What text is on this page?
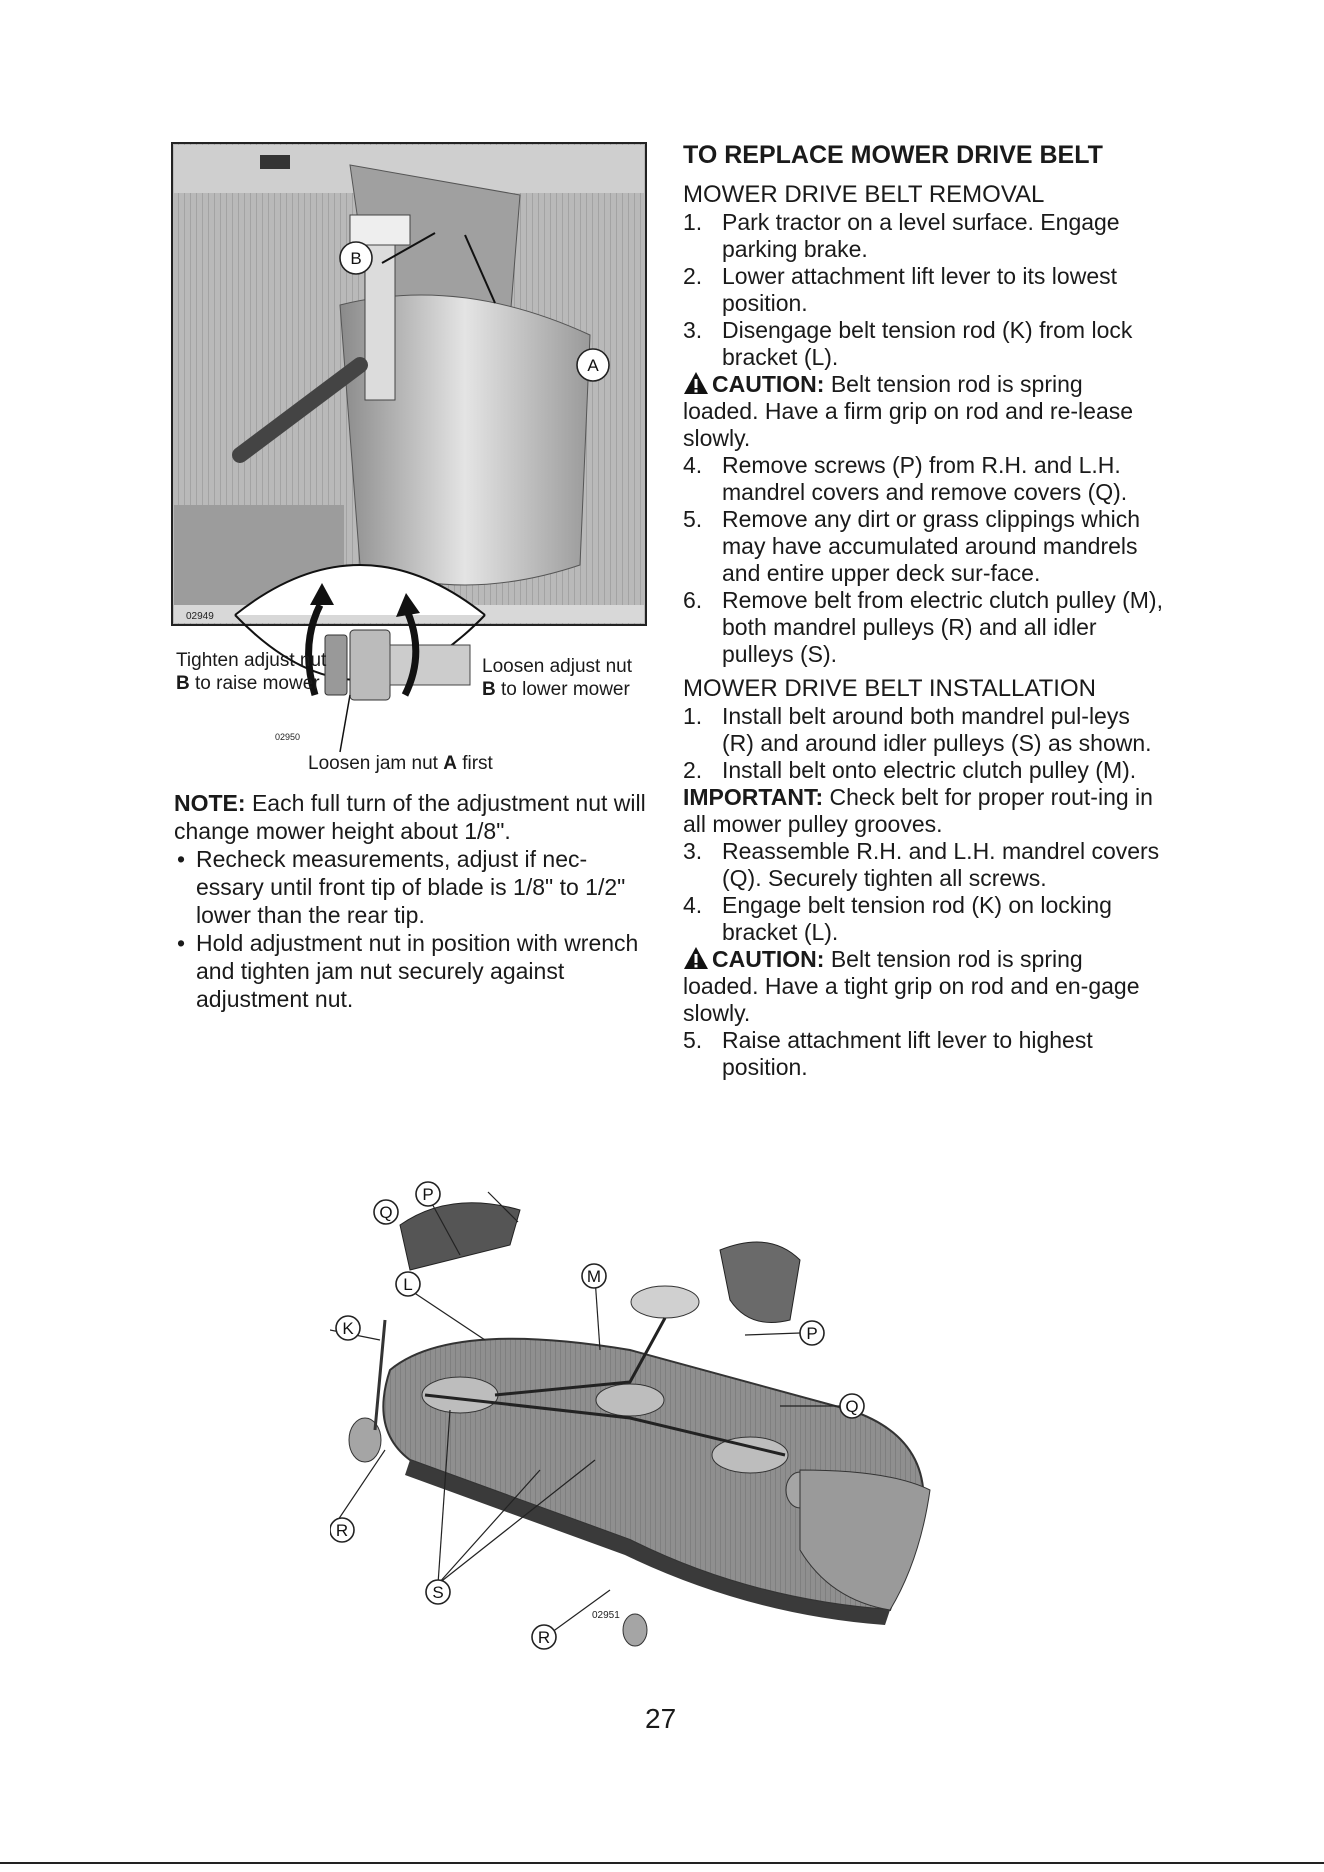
02949
B
A
02950
Tighten adjust nut
B to raise mower
Loosen adjust nut
B to lower mower
Loosen jam nut A first
NOTE: Each full turn of the adjustment nut will change mower height about 1/8".
• Recheck measurements, adjust if nec-essary until front tip of blade is 1/8" to 1/2" lower than the rear tip.
• Hold adjustment nut in position with wrench and tighten jam nut securely against adjustment nut.
TO REPLACE MOWER DRIVE BELT
MOWER DRIVE BELT REMOVAL
1. Park tractor on a level surface. Engage parking brake.
2. Lower attachment lift lever to its lowest position.
3. Disengage belt tension rod (K) from lock bracket (L).
CAUTION: Belt tension rod is spring loaded. Have a firm grip on rod and re-lease slowly.
4. Remove screws (P) from R.H. and L.H. mandrel covers and remove covers (Q).
5. Remove any dirt or grass clippings which may have accumulated around mandrels and entire upper deck sur-face.
6. Remove belt from electric clutch pulley (M), both mandrel pulleys (R) and all idler pulleys (S).
MOWER DRIVE BELT INSTALLATION
1. Install belt around both mandrel pul-leys (R) and around idler pulleys (S) as shown.
2. Install belt onto electric clutch pulley (M).
IMPORTANT: Check belt for proper rout-ing in all mower pulley grooves.
3. Reassemble R.H. and L.H. mandrel covers (Q). Securely tighten all screws.
4. Engage belt tension rod (K) on locking bracket (L).
CAUTION: Belt tension rod is spring loaded. Have a tight grip on rod and en-gage slowly.
5. Raise attachment lift lever to highest position.
P
Q
L	M
K	P
Q
R
S
R
02951
27
